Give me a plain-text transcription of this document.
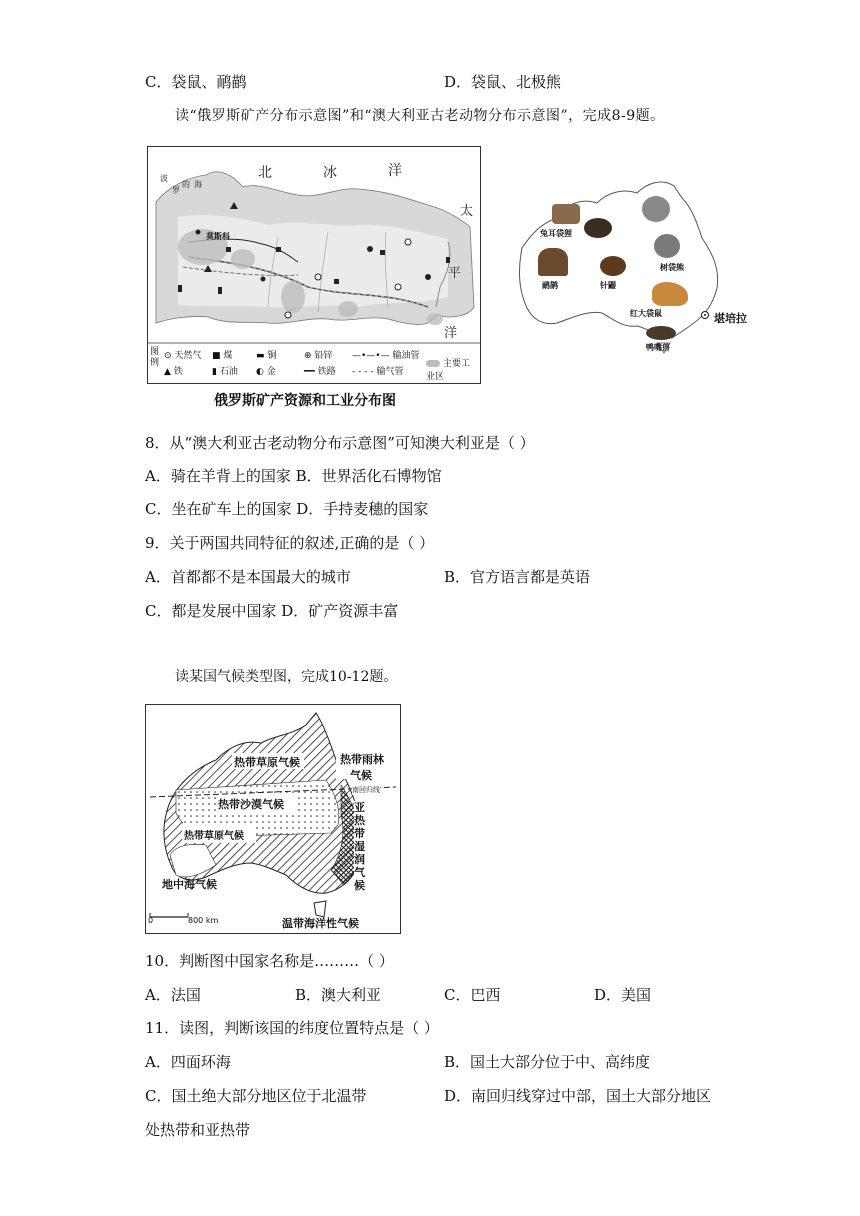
C．袋鼠、鸸鹋	D．袋鼠、北极熊
读“俄罗斯矿产分布示意图”和“澳大利亚古老动物分布示意图”，完成8-9题。
北	冰	洋
太
平
洋
莫斯科
波
罗
的 海
图例
⊙ 天然气 ■ 煤	▬ 铜	⊕ 铅锌 —•—•— 输油管
▲ 铁	▮ 石油 ◐ 金	━━ 铁路 - - - - 输气管
主要工业区
俄罗斯矿产资源和工业分布图
兔耳袋狸
鸸鹋	针鼹
树袋熊
红大袋鼠
鸭嘴兽
堪培拉
8．从“澳大利亚古老动物分布示意图”可知澳大利亚是（ ）
A．骑在羊背上的国家 B．世界活化石博物馆
C．坐在矿车上的国家 D．手持麦穗的国家
9．关于两国共同特征的叙述,正确的是（ ）
A．首都都不是本国最大的城市	B．官方语言都是英语
C．都是发展中国家 D．矿产资源丰富
读某国气候类型图，完成10-12题。
热带草原气候	热带雨林
气候
热带沙漠气候
南回归线
热带草原气候
亚
热
带
湿
润
气
候
地中海气候
温带海洋性气候
0	800 km
10．判断图中国家名称是………（ ）
A．法国	B．澳大利亚	C．巴西	D．美国
11．读图，判断该国的纬度位置特点是（ ）
A．四面环海	B．国土大部分位于中、高纬度
C．国土绝大部分地区位于北温带	D．南回归线穿过中部，国土大部分地区
处热带和亚热带
